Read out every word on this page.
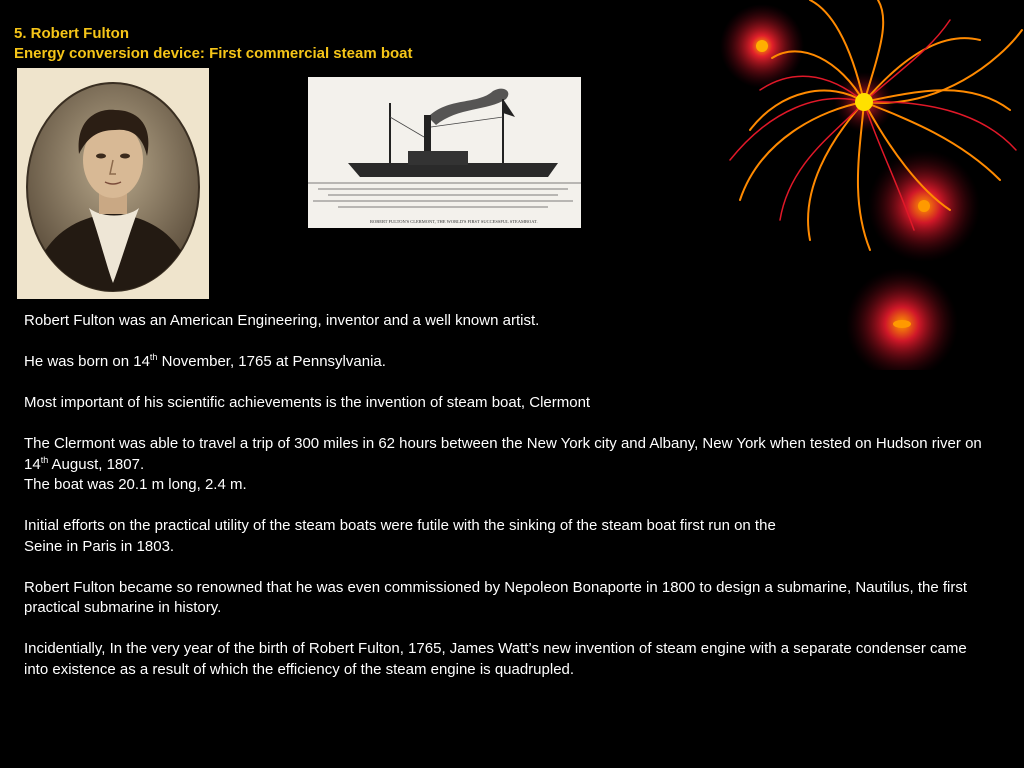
5. Robert Fulton
Energy conversion device: First commercial steam boat
ROBERT FULTON'S CLERMONT, THE WORLD'S FIRST SUCCESSFUL STEAMBOAT.

Robert Fulton was an American Engineering, inventor and a well known artist.

He was born on 14th November, 1765 at Pennsylvania.

Most important of his scientific achievements is the invention of steam boat, Clermont

The Clermont was able to travel a trip of 300 miles in 62 hours between the New York city and Albany, New York when tested on Hudson river on 14th August, 1807.
The boat was 20.1 m long, 2.4 m.

Initial efforts on the practical utility of the steam boats were futile with the sinking of the steam boat first run on the
Seine in Paris in 1803.

Robert Fulton became so renowned that he was even commissioned by Nepoleon Bonaporte in 1800 to design a submarine, Nautilus, the first practical submarine in history.

Incidentially, In the very year of the birth of Robert Fulton, 1765, James Watt’s new invention of steam engine with a separate condenser came into existence as a result of which the efficiency of the steam engine is quadrupled.
